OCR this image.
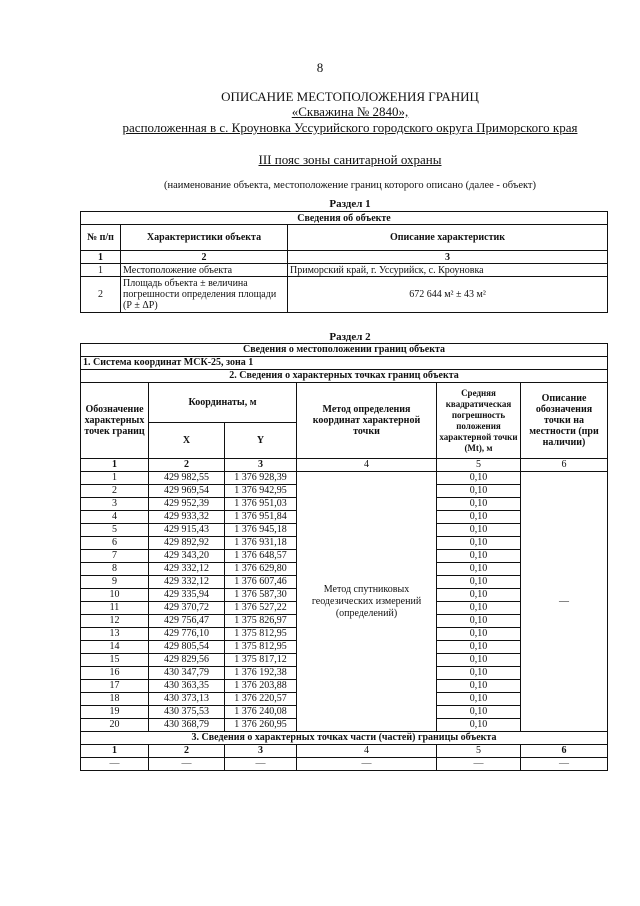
8
ОПИСАНИЕ МЕСТОПОЛОЖЕНИЯ ГРАНИЦ
«Скважина № 2840»,
расположенная в с. Кроуновка Уссурийского городского округа Приморского края
III пояс зоны санитарной охраны
(наименование объекта, местоположение границ которого описано (далее - объект)
Раздел 1
Сведения об объекте		
№ п/п	Характеристики объекта	Описание характеристик
1	2	3
1	Местоположение объекта	Приморский край, г. Уссурийск, с. Кроуновка
2	Площадь объекта ± величина погрешности определения площади (Р ± ΔР)	672 644 м² ± 43 м²
Раздел 2
Сведения о местоположении границ объекта					
1. Система координат МСК-25, зона 1					
2. Сведения о характерных точках границ объекта					
Обозначение характерных точек границ	Координаты, м		Метод определения координат характерной точки	Средняя квадратическая погрешность положения характерной точки (Мt), м	Описание обозначения точки на местности (при наличии)
	X	Y			
1	2	3	4	5	6
1	429 982,55	1 376 928,39	Метод спутниковых геодезических измерений (определений)	0,10	—
2	429 969,54	1 376 942,95		0,10	
3	429 952,39	1 376 951,03		0,10	
4	429 933,32	1 376 951,84		0,10	
5	429 915,43	1 376 945,18		0,10	
6	429 892,92	1 376 931,18		0,10	
7	429 343,20	1 376 648,57		0,10	
8	429 332,12	1 376 629,80		0,10	
9	429 332,12	1 376 607,46		0,10	
10	429 335,94	1 376 587,30		0,10	
11	429 370,72	1 376 527,22		0,10	
12	429 756,47	1 375 826,97		0,10	
13	429 776,10	1 375 812,95		0,10	
14	429 805,54	1 375 812,95		0,10	
15	429 829,56	1 375 817,12		0,10	
16	430 347,79	1 376 192,38		0,10	
17	430 363,35	1 376 203,88		0,10	
18	430 373,13	1 376 220,57		0,10	
19	430 375,53	1 376 240,08		0,10	
20	430 368,79	1 376 260,95		0,10	
3. Сведения о характерных точках части (частей) границы объекта					
1	2	3	4	5	6
—	—	—	—	—	—
